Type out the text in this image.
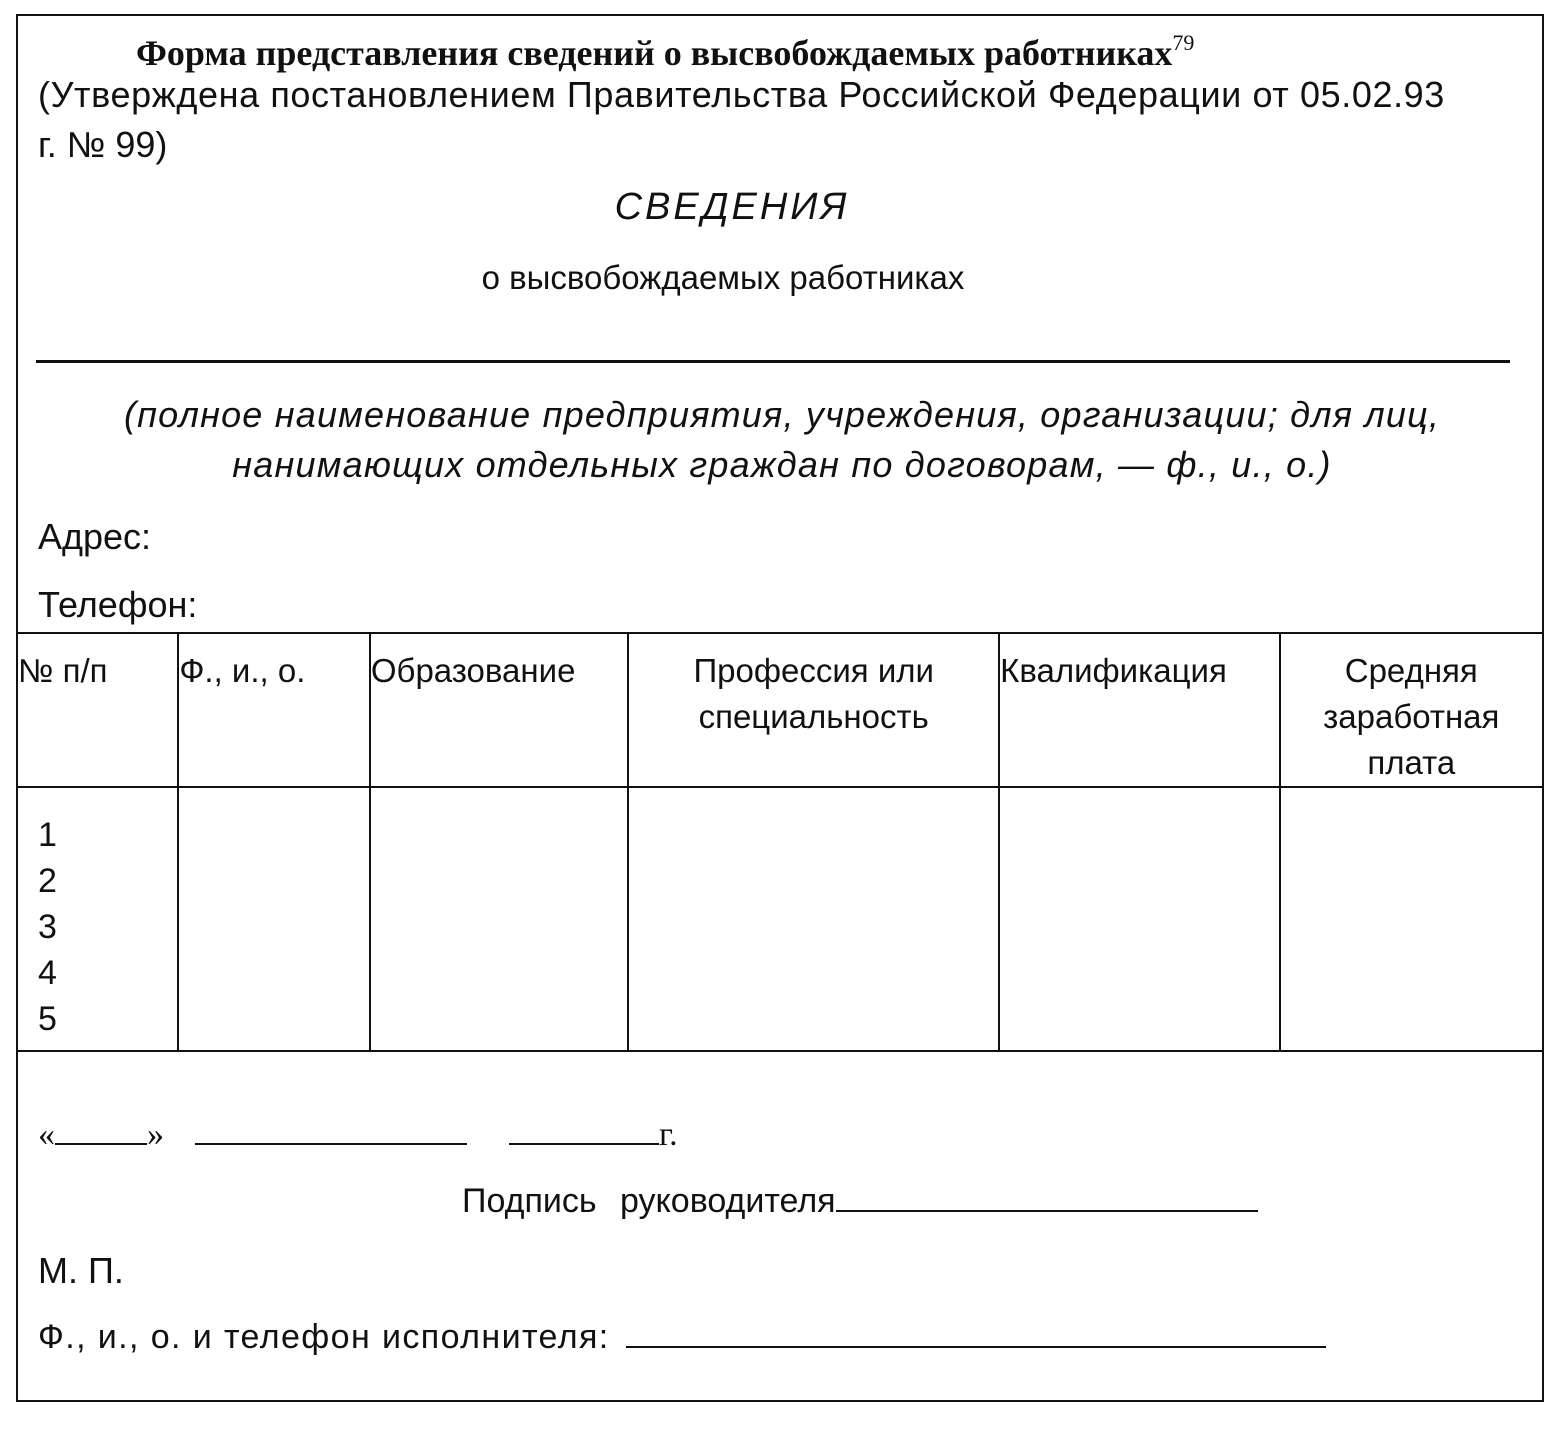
Форма представления сведений о высвобождаемых работниках$^{79}$
(Утверждена постановлением Правительства Российской Федерации от 05.02.93
г. № 99)
СВЕДЕНИЯ
о высвобождаемых работниках
(полное наименование предприятия, учреждения, организации; для лиц,
нанимающих отдельных граждан по договорам, — ф., и., о.)
Адрес:
Телефон:
№ п/п	Ф., и., о.	Образование	Профессия или специальность	Квалификация	Средняя заработная плата

1
2
3
4
5					

«	»	г.
Подпись руководителя
М. П.
Ф., и., о. и телефон исполнителя:
